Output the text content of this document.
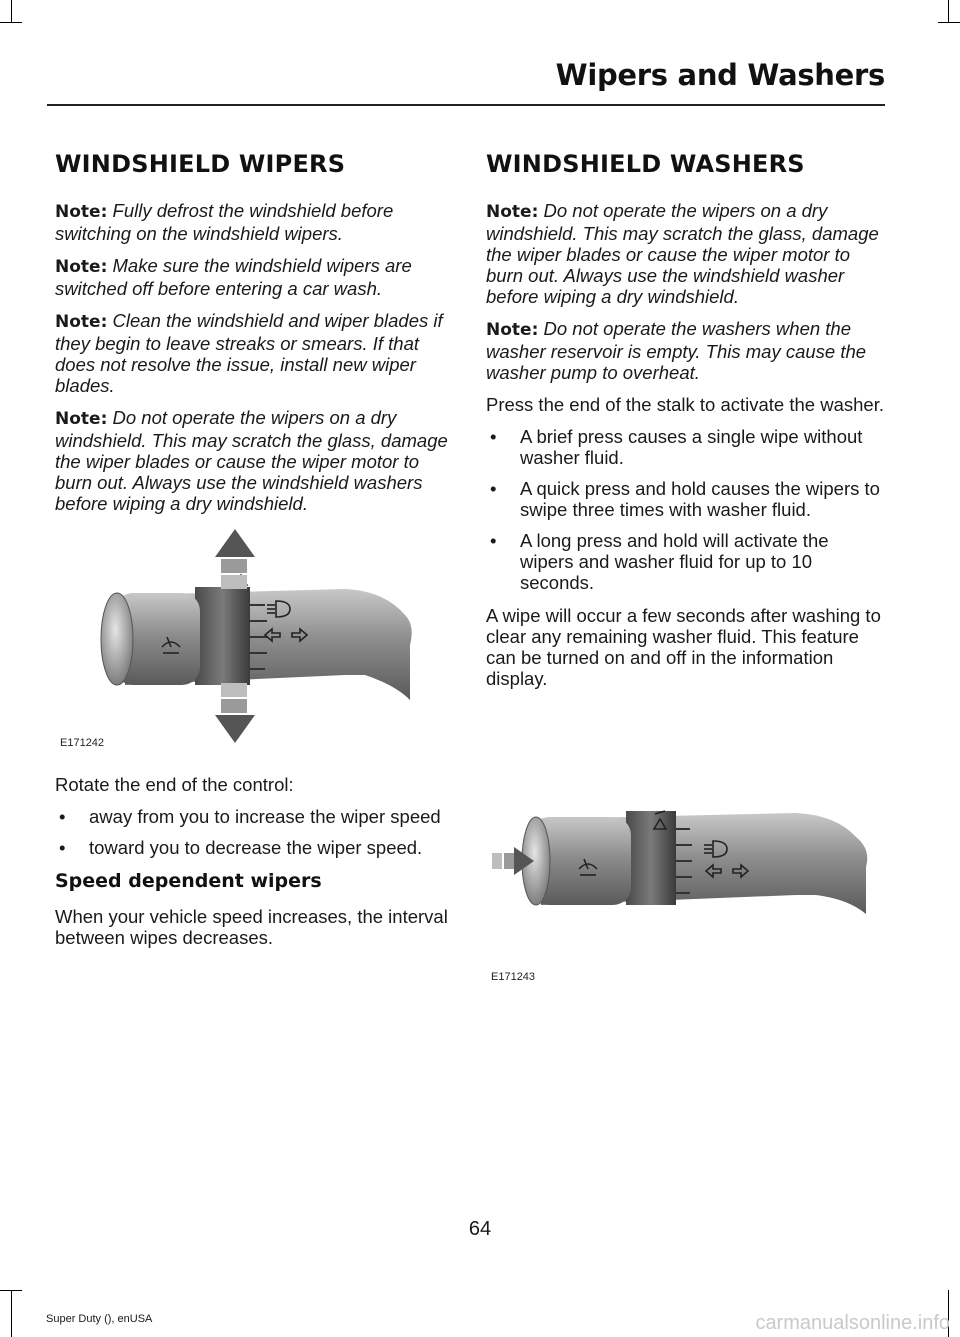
Wipers and Washers
WINDSHIELD WIPERS

Note: Fully defrost the windshield before switching on the windshield wipers.

Note: Make sure the windshield wipers are switched off before entering a car wash.

Note: Clean the windshield and wiper blades if they begin to leave streaks or smears. If that does not resolve the issue, install new wiper blades.

Note: Do not operate the wipers on a dry windshield. This may scratch the glass, damage the wiper blades or cause the wiper motor to burn out. Always use the windshield washers before wiping a dry windshield.

E171242

Rotate the end of the control:

• away from you to increase the wiper speed
• toward you to decrease the wiper speed.
Speed dependent wipers

When your vehicle speed increases, the interval between wipes decreases.

WINDSHIELD WASHERS

Note: Do not operate the wipers on a dry windshield. This may scratch the glass, damage the wiper blades or cause the wiper motor to burn out. Always use the windshield washer before wiping a dry windshield.

Note: Do not operate the washers when the washer reservoir is empty. This may cause the washer pump to overheat.

Press the end of the stalk to activate the washer.

• A brief press causes a single wipe without washer fluid.
• A quick press and hold causes the wipers to swipe three times with washer fluid.
• A long press and hold will activate the wipers and washer fluid for up to 10 seconds.

A wipe will occur a few seconds after washing to clear any remaining washer fluid. This feature can be turned on and off in the information display.

E171243
64
Super Duty (), enUSA	carmanualsonline.info
